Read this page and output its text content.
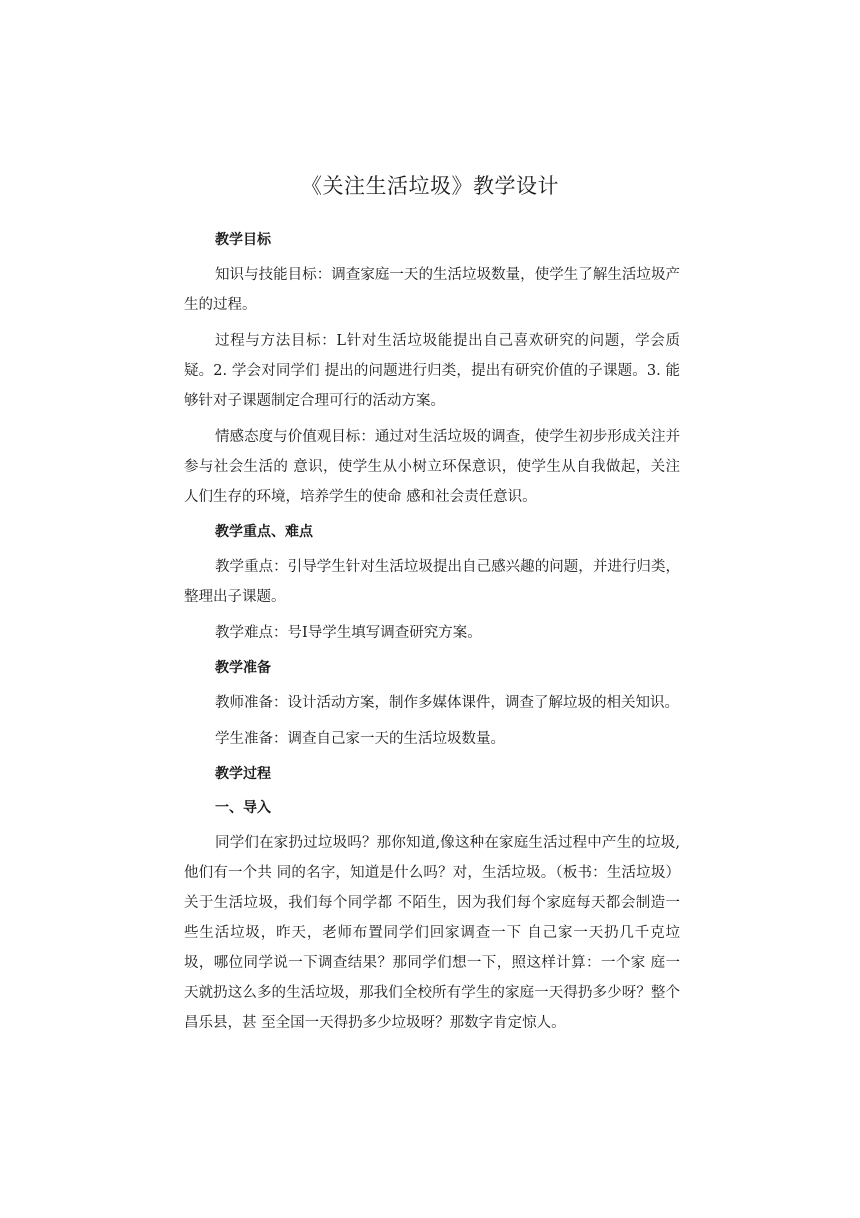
《关注生活垃圾》教学设计
教学目标
知识与技能目标：调查家庭一天的生活垃圾数量，使学生了解生活垃圾产生的过程。
过程与方法目标：L针对生活垃圾能提出自己喜欢研究的问题，学会质疑。2. 学会对同学们 提出的问题进行归类，提出有研究价值的子课题。3. 能够针对子课题制定合理可行的活动方案。
情感态度与价值观目标：通过对生活垃圾的调查，使学生初步形成关注并参与社会生活的 意识，使学生从小树立环保意识，使学生从自我做起，关注人们生存的环境，培养学生的使命 感和社会责任意识。
教学重点、难点
教学重点：引导学生针对生活垃圾提出自己感兴趣的问题，并进行归类，整理出子课题。
教学难点：号I导学生填写调查研究方案。
教学准备
教师准备：设计活动方案，制作多媒体课件，调查了解垃圾的相关知识。
学生准备：调查自己家一天的生活垃圾数量。
教学过程
一、导入
同学们在家扔过垃圾吗？那你知道,像这种在家庭生活过程中产生的垃圾,他们有一个共 同的名字，知道是什么吗？对，生活垃圾。（板书：生活垃圾）关于生活垃圾，我们每个同学都 不陌生，因为我们每个家庭每天都会制造一些生活垃圾，昨天，老师布置同学们回家调查一下 自己家一天扔几千克垃圾，哪位同学说一下调查结果？那同学们想一下，照这样计算：一个家 庭一天就扔这么多的生活垃圾，那我们全校所有学生的家庭一天得扔多少呀？整个昌乐县，甚 至全国一天得扔多少垃圾呀？那数字肯定惊人。
